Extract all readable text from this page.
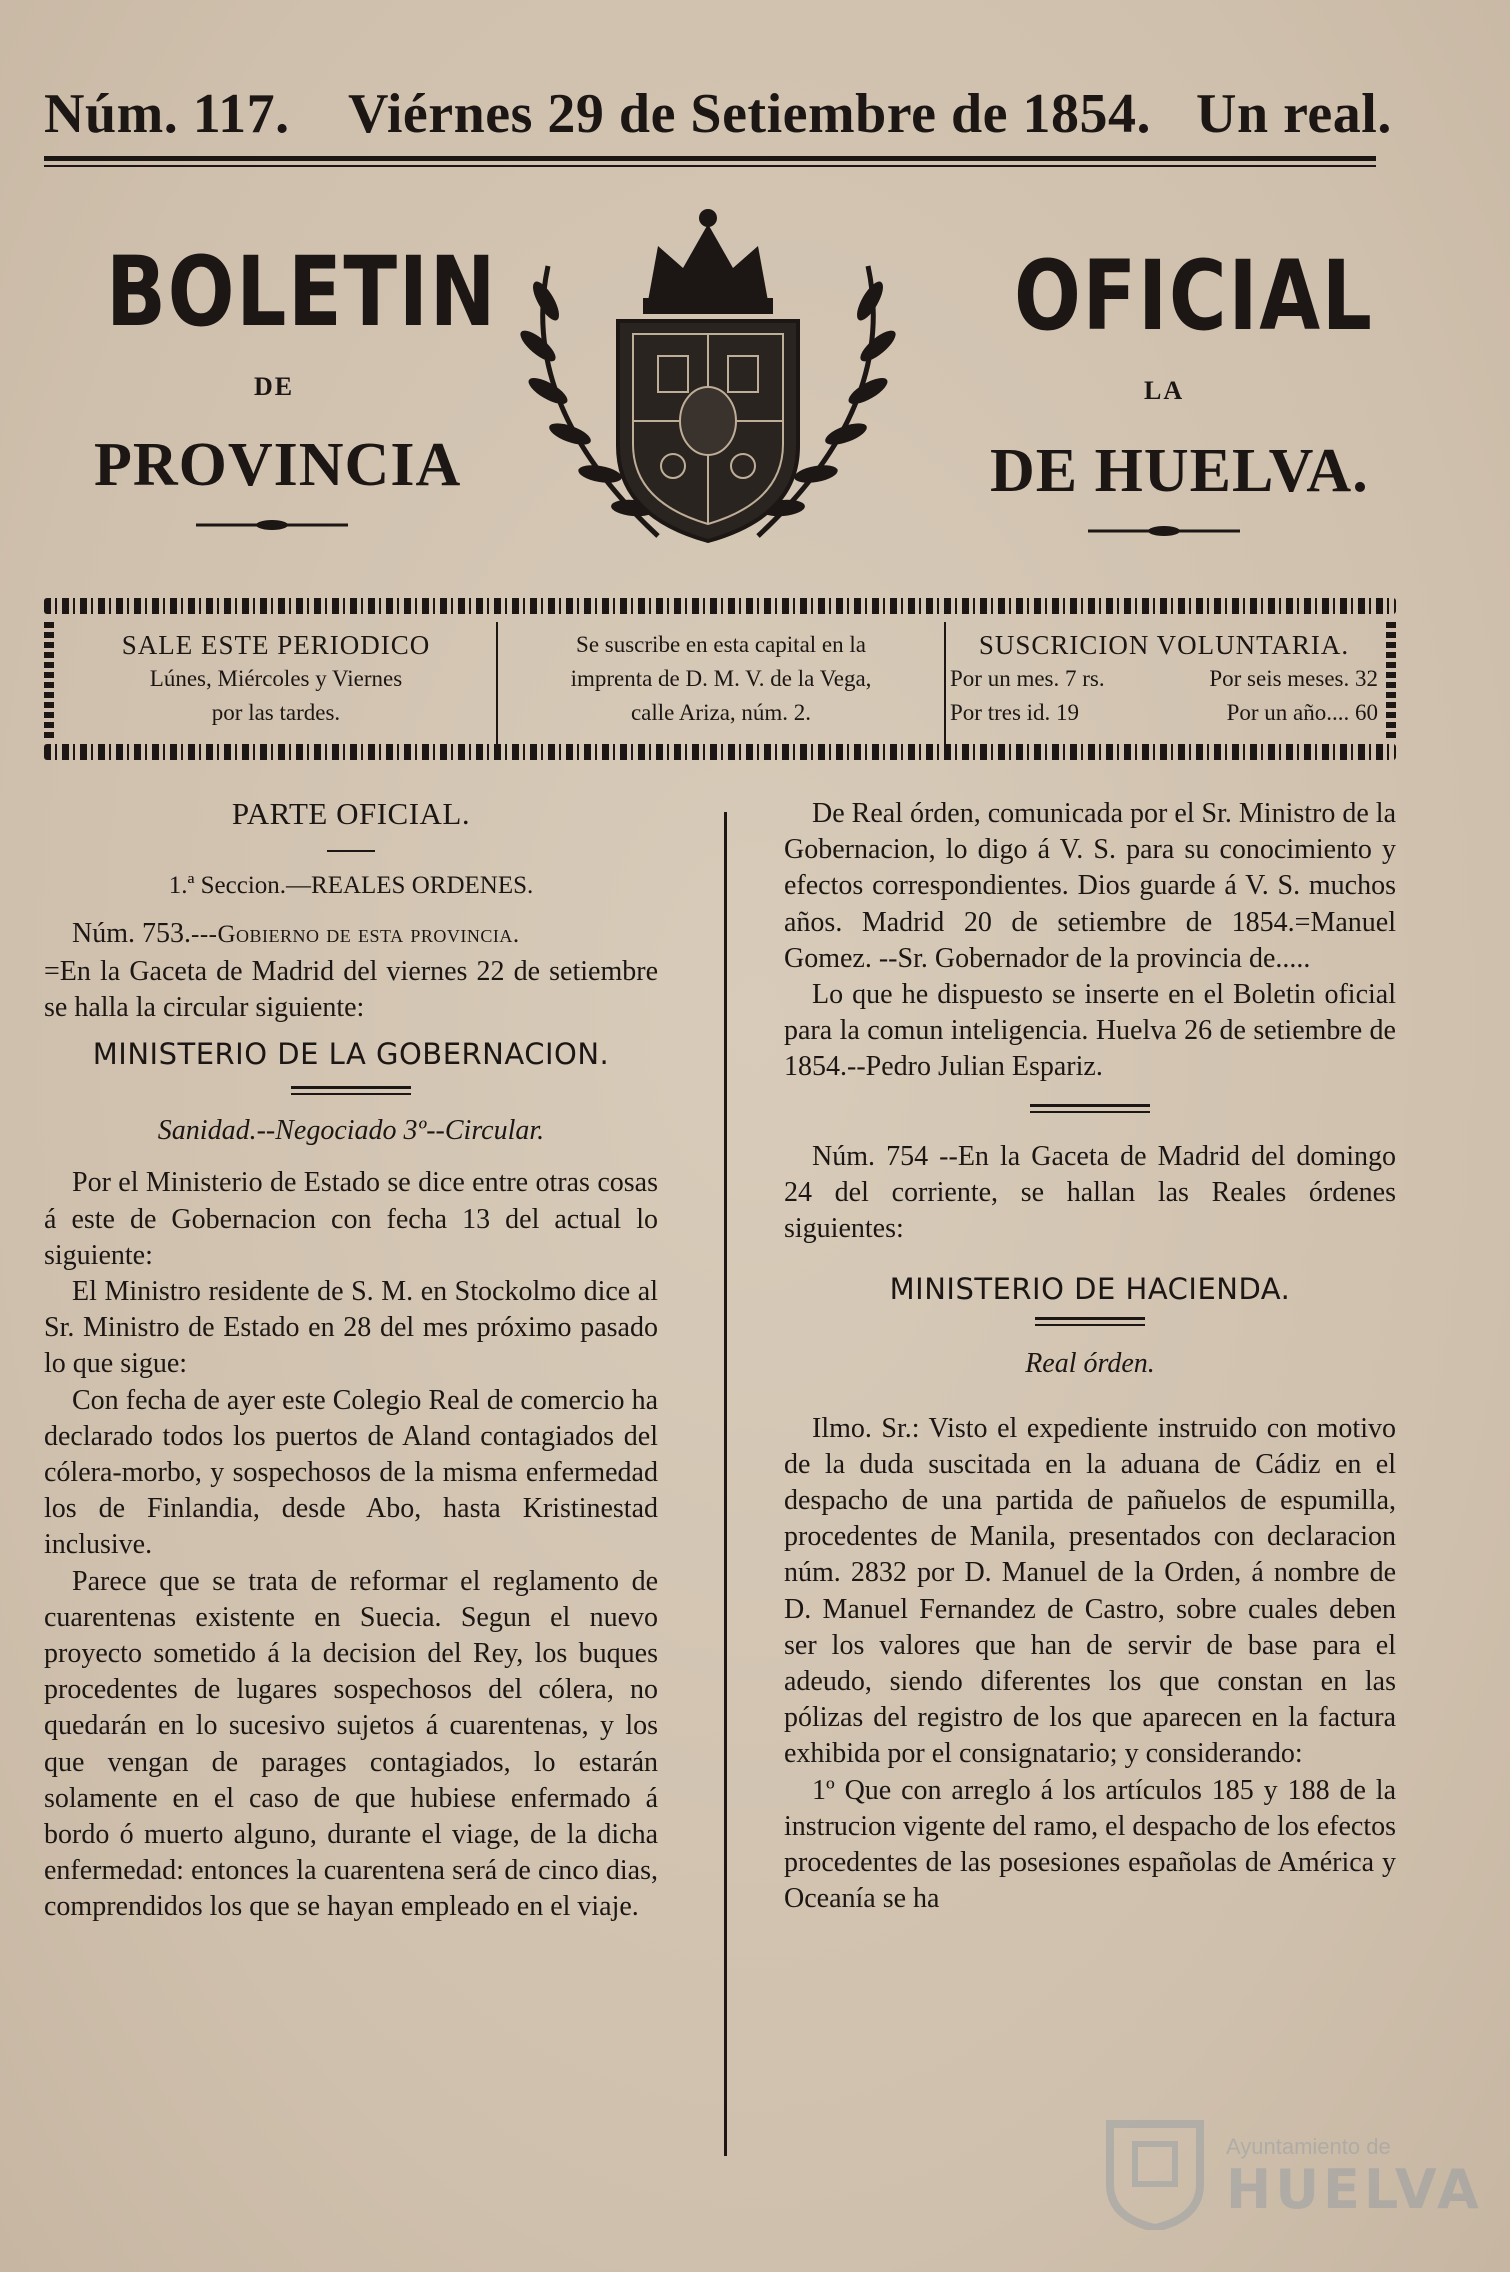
Núm. 117. Viérnes 29 de Setiembre de 1854. Un real.
BOLETIN	OFICIAL
DE	LA
PROVINCIA	DE HUELVA.
SALE ESTE PERIODICO
Lúnes, Miércoles y Viernes
por las tardes.
Se suscribe en esta capital en la
imprenta de D. M. V. de la Vega,
calle Ariza, núm. 2.
SUSCRICION VOLUNTARIA.
Por un mes. 7 rs.	Por seis meses. 32
Por tres id. 19	Por un año.... 60

PARTE OFICIAL.

1.ª Seccion.—REALES ORDENES.

Núm. 753.---Gobierno de esta provincia.

=En la Gaceta de Madrid del viernes 22 de setiembre se halla la circular siguiente:

MINISTERIO DE LA GOBERNACION.

Sanidad.--Negociado 3º--Circular.

Por el Ministerio de Estado se dice entre otras cosas á este de Gobernacion con fecha 13 del actual lo siguiente:

El Ministro residente de S. M. en Stockolmo dice al Sr. Ministro de Estado en 28 del mes próximo pasado lo que sigue:

Con fecha de ayer este Colegio Real de comercio ha declarado todos los puertos de Aland contagiados del cólera-morbo, y sospechosos de la misma enfermedad los de Finlandia, desde Abo, hasta Kristinestad inclusive.

Parece que se trata de reformar el reglamento de cuarentenas existente en Suecia. Segun el nuevo proyecto sometido á la decision del Rey, los buques procedentes de lugares sospechosos del cólera, no quedarán en lo sucesivo sujetos á cuarentenas, y los que vengan de parages contagiados, lo estarán solamente en el caso de que hubiese enfermado á bordo ó muerto alguno, durante el viage, de la dicha enfermedad: entonces la cuarentena será de cinco dias, comprendidos los que se hayan empleado en el viaje.

De Real órden, comunicada por el Sr. Ministro de la Gobernacion, lo digo á V. S. para su conocimiento y efectos correspondientes. Dios guarde á V. S. muchos años. Madrid 20 de setiembre de 1854.=Manuel Gomez. --Sr. Gobernador de la provincia de.....

Lo que he dispuesto se inserte en el Boletin oficial para la comun inteligencia. Huelva 26 de setiembre de 1854.--Pedro Julian Espariz.

Núm. 754 --En la Gaceta de Madrid del domingo 24 del corriente, se hallan las Reales órdenes siguientes:

MINISTERIO DE HACIENDA.

Real órden.

Ilmo. Sr.: Visto el expediente instruido con motivo de la duda suscitada en la aduana de Cádiz en el despacho de una partida de pañuelos de espumilla, procedentes de Manila, presentados con declaracion núm. 2832 por D. Manuel de la Orden, á nombre de D. Manuel Fernandez de Castro, sobre cuales deben ser los valores que han de servir de base para el adeudo, siendo diferentes los que constan en las pólizas del registro de los que aparecen en la factura exhibida por el consignatario; y considerando:

1º Que con arreglo á los artículos 185 y 188 de la instrucion vigente del ramo, el despacho de los efectos procedentes de las posesiones españolas de América y Oceanía se ha

Ayuntamiento de
HUELVA
